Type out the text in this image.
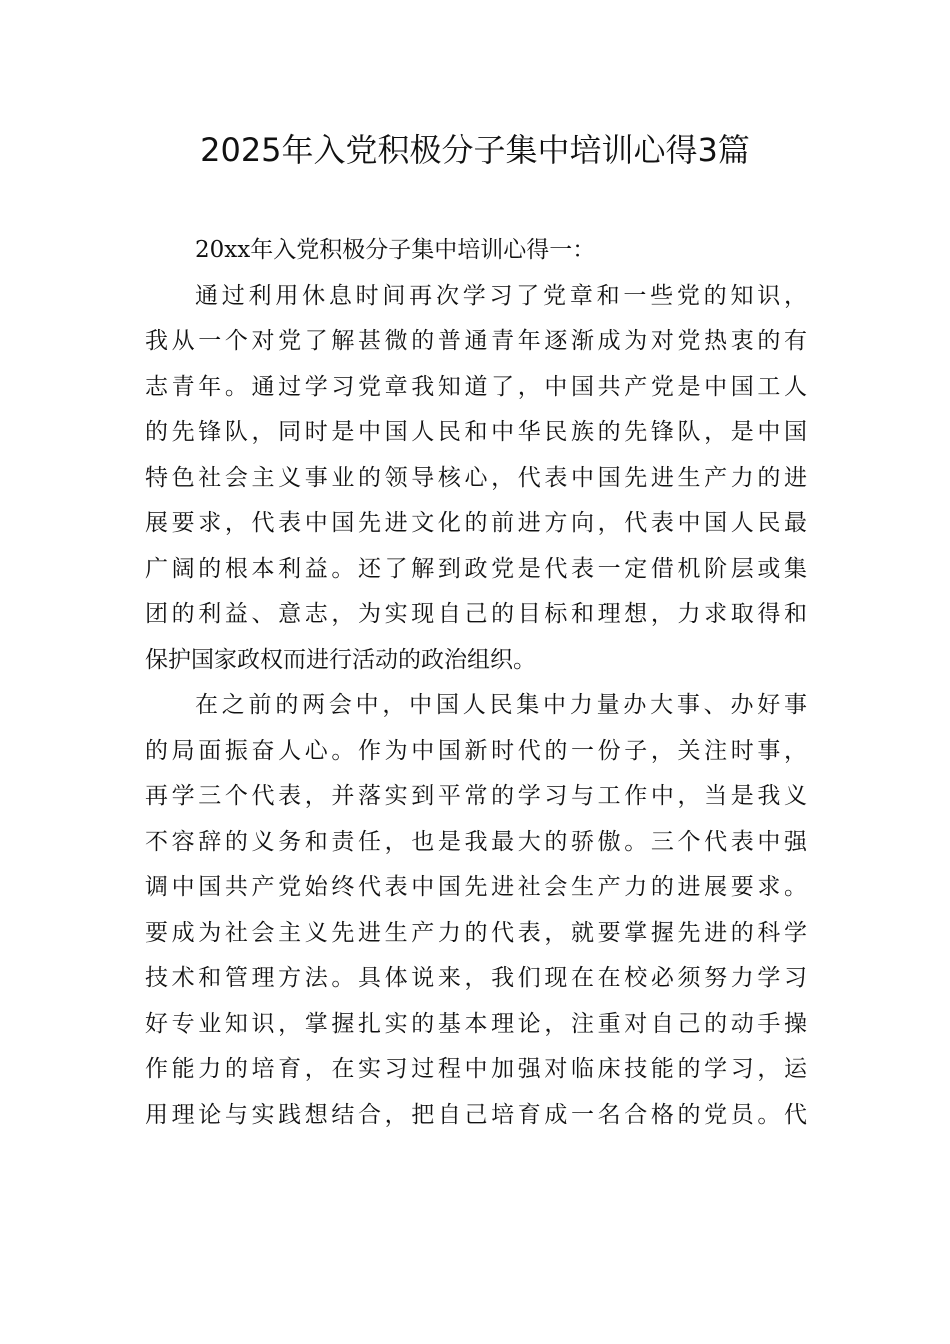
2025年入党积极分子集中培训心得3篇
20xx年入党积极分子集中培训心得一：
通过利用休息时间再次学习了党章和一些党的知识，
我从一个对党了解甚微的普通青年逐渐成为对党热衷的有
志青年。通过学习党章我知道了，中国共产党是中国工人
的先锋队，同时是中国人民和中华民族的先锋队，是中国
特色社会主义事业的领导核心，代表中国先进生产力的进
展要求，代表中国先进文化的前进方向，代表中国人民最
广阔的根本利益。还了解到政党是代表一定借机阶层或集
团的利益、意志，为实现自己的目标和理想，力求取得和
保护国家政权而进行活动的政治组织。
在之前的两会中，中国人民集中力量办大事、办好事
的局面振奋人心。作为中国新时代的一份子，关注时事，
再学三个代表，并落实到平常的学习与工作中，当是我义
不容辞的义务和责任，也是我最大的骄傲。三个代表中强
调中国共产党始终代表中国先进社会生产力的进展要求。
要成为社会主义先进生产力的代表，就要掌握先进的科学
技术和管理方法。具体说来，我们现在在校必须努力学习
好专业知识，掌握扎实的基本理论，注重对自己的动手操
作能力的培育，在实习过程中加强对临床技能的学习，运
用理论与实践想结合，把自己培育成一名合格的党员。代
